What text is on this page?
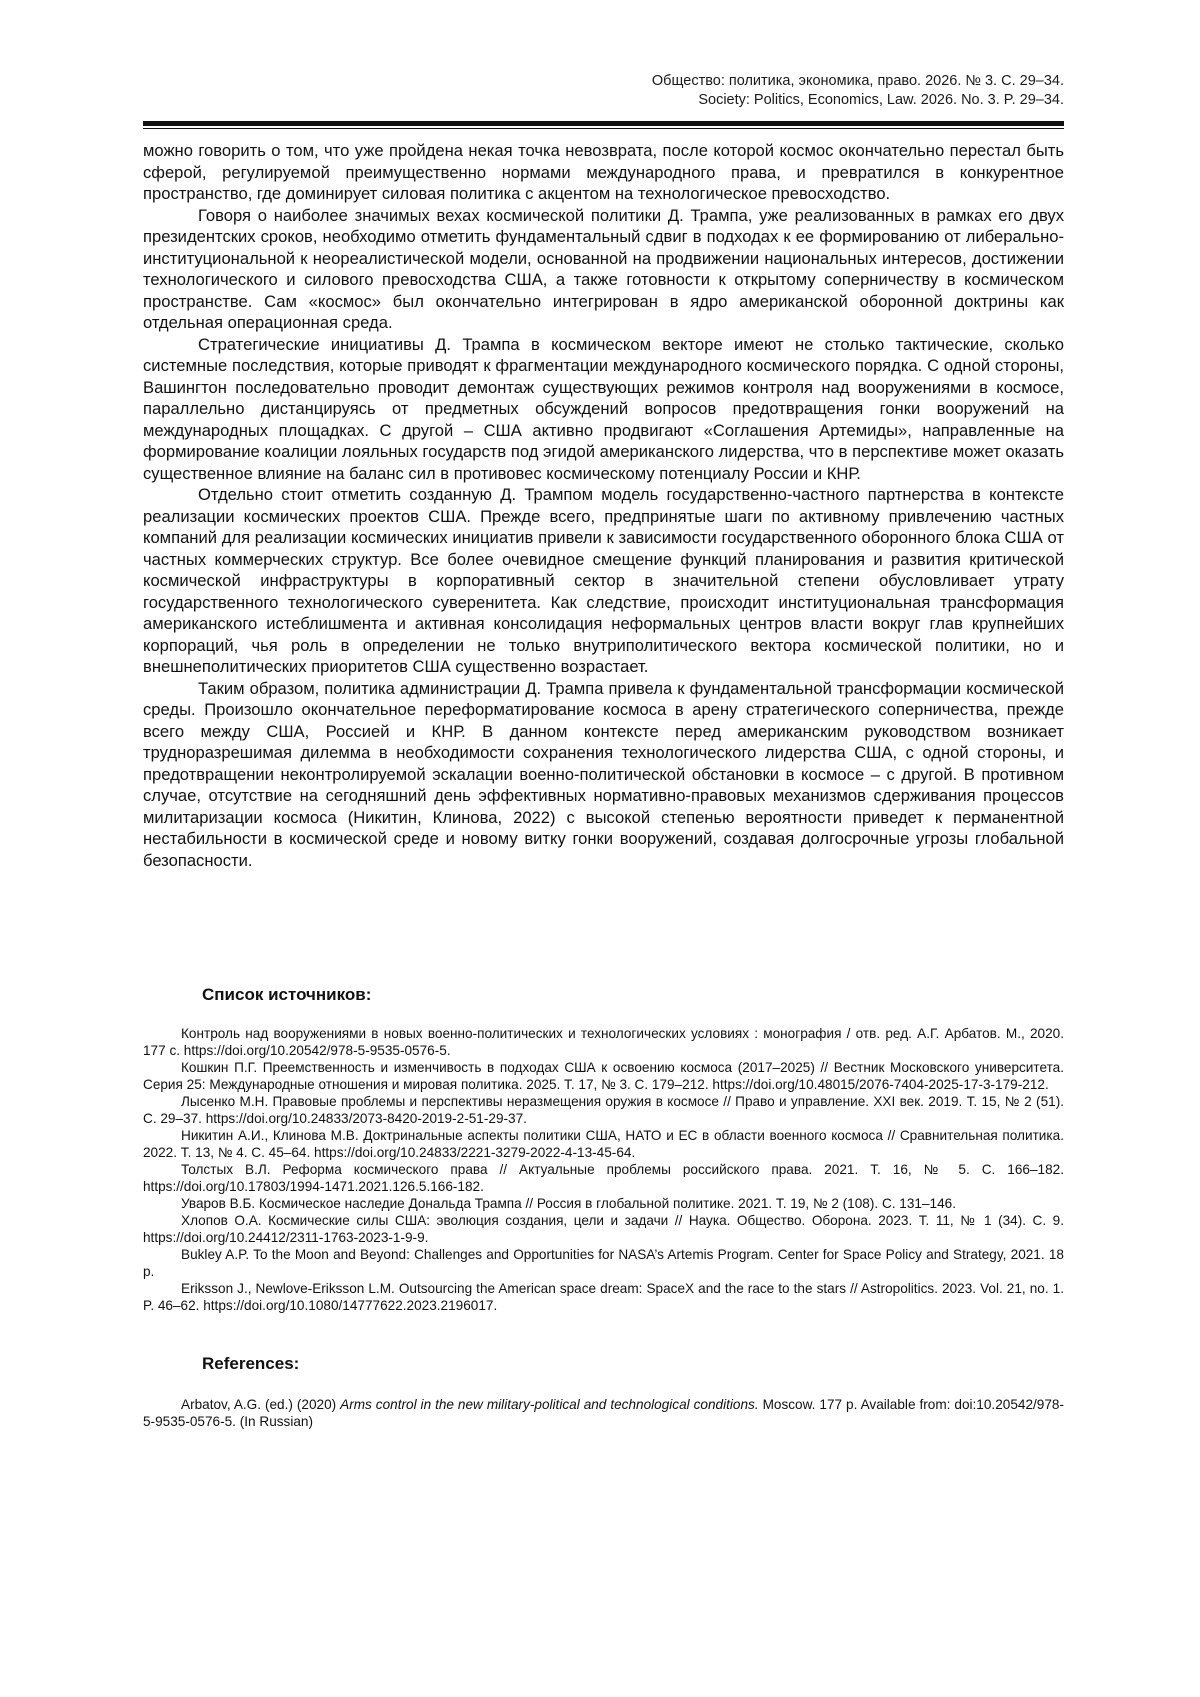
Общество: политика, экономика, право. 2026. № 3. С. 29–34.
Society: Politics, Economics, Law. 2026. No. 3. P. 29–34.

можно говорить о том, что уже пройдена некая точка невозврата, после которой космос окончательно перестал быть сферой, регулируемой преимущественно нормами международного права, и превратился в конкурентное пространство, где доминирует силовая политика с акцентом на технологическое превосходство.

Говоря о наиболее значимых вехах космической политики Д. Трампа, уже реализованных в рамках его двух президентских сроков, необходимо отметить фундаментальный сдвиг в подходах к ее формированию от либерально-институциональной к неореалистической модели, основанной на продвижении национальных интересов, достижении технологического и силового превосходства США, а также готовности к открытому соперничеству в космическом пространстве. Сам «космос» был окончательно интегрирован в ядро американской оборонной доктрины как отдельная операционная среда.

Стратегические инициативы Д. Трампа в космическом векторе имеют не столько тактические, сколько системные последствия, которые приводят к фрагментации международного космического порядка. С одной стороны, Вашингтон последовательно проводит демонтаж существующих режимов контроля над вооружениями в космосе, параллельно дистанцируясь от предметных обсуждений вопросов предотвращения гонки вооружений на международных площадках. С другой – США активно продвигают «Соглашения Артемиды», направленные на формирование коалиции лояльных государств под эгидой американского лидерства, что в перспективе может оказать существенное влияние на баланс сил в противовес космическому потенциалу России и КНР.

Отдельно стоит отметить созданную Д. Трампом модель государственно-частного партнерства в контексте реализации космических проектов США. Прежде всего, предпринятые шаги по активному привлечению частных компаний для реализации космических инициатив привели к зависимости государственного оборонного блока США от частных коммерческих структур. Все более очевидное смещение функций планирования и развития критической космической инфраструктуры в корпоративный сектор в значительной степени обусловливает утрату государственного технологического суверенитета. Как следствие, происходит институциональная трансформация американского истеблишмента и активная консолидация неформальных центров власти вокруг глав крупнейших корпораций, чья роль в определении не только внутриполитического вектора космической политики, но и внешнеполитических приоритетов США существенно возрастает.

Таким образом, политика администрации Д. Трампа привела к фундаментальной трансформации космической среды. Произошло окончательное переформатирование космоса в арену стратегического соперничества, прежде всего между США, Россией и КНР. В данном контексте перед американским руководством возникает трудноразрешимая дилемма в необходимости сохранения технологического лидерства США, с одной стороны, и предотвращении неконтролируемой эскалации военно-политической обстановки в космосе – с другой. В противном случае, отсутствие на сегодняшний день эффективных нормативно-правовых механизмов сдерживания процессов милитаризации космоса (Никитин, Клинова, 2022) с высокой степенью вероятности приведет к перманентной нестабильности в космической среде и новому витку гонки вооружений, создавая долгосрочные угрозы глобальной безопасности.

Список источников:

Контроль над вооружениями в новых военно-политических и технологических условиях : монография / отв. ред. А.Г. Арбатов. М., 2020. 177 с. https://doi.org/10.20542/978-5-9535-0576-5.

Кошкин П.Г. Преемственность и изменчивость в подходах США к освоению космоса (2017–2025) // Вестник Московского университета. Серия 25: Международные отношения и мировая политика. 2025. Т. 17, № 3. С. 179–212. https://doi.org/10.48015/2076-7404-2025-17-3-179-212.

Лысенко М.Н. Правовые проблемы и перспективы неразмещения оружия в космосе // Право и управление. XXI век. 2019. Т. 15, № 2 (51). С. 29–37. https://doi.org/10.24833/2073-8420-2019-2-51-29-37.

Никитин А.И., Клинова М.В. Доктринальные аспекты политики США, НАТО и ЕС в области военного космоса // Сравнительная политика. 2022. Т. 13, № 4. С. 45–64. https://doi.org/10.24833/2221-3279-2022-4-13-45-64.

Толстых В.Л. Реформа космического права // Актуальные проблемы российского права. 2021. Т. 16, № 5. С. 166–182. https://doi.org/10.17803/1994-1471.2021.126.5.166-182.

Уваров В.Б. Космическое наследие Дональда Трампа // Россия в глобальной политике. 2021. Т. 19, № 2 (108). С. 131–146.

Хлопов О.А. Космические силы США: эволюция создания, цели и задачи // Наука. Общество. Оборона. 2023. Т. 11, № 1 (34). С. 9. https://doi.org/10.24412/2311-1763-2023-1-9-9.

Bukley A.P. To the Moon and Beyond: Challenges and Opportunities for NASA’s Artemis Program. Center for Space Policy and Strategy, 2021. 18 p.

Eriksson J., Newlove-Eriksson L.M. Outsourcing the American space dream: SpaceX and the race to the stars // Astropolitics. 2023. Vol. 21, no. 1. P. 46–62. https://doi.org/10.1080/14777622.2023.2196017.

References:

Arbatov, A.G. (ed.) (2020) Arms control in the new military-political and technological conditions. Moscow. 177 p. Available from: doi:10.20542/978-5-9535-0576-5. (In Russian)
